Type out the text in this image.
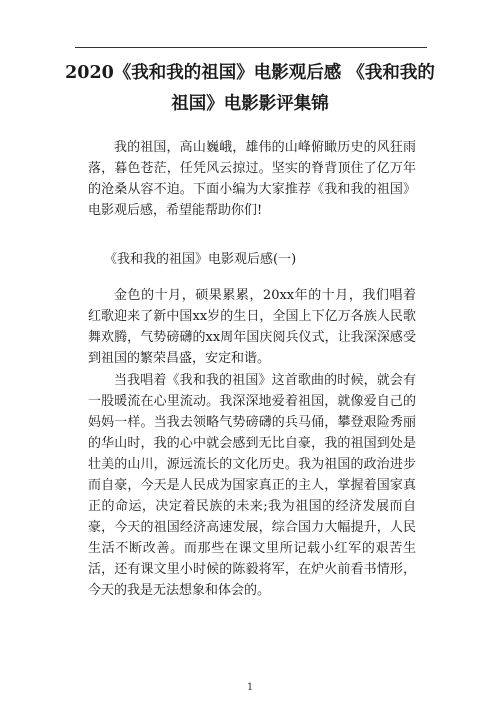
2020《我和我的祖国》电影观后感 《我和我的祖国》电影影评集锦
我的祖国，高山巍峨，雄伟的山峰俯瞰历史的风狂雨落，暮色苍茫，任凭风云掠过。坚实的脊背顶住了亿万年的沧桑从容不迫。下面小编为大家推荐《我和我的祖国》电影观后感，希望能帮助你们!
《我和我的祖国》电影观后感(一)
金色的十月，硕果累累，20xx年的十月，我们唱着红歌迎来了新中国xx岁的生日，全国上下亿万各族人民歌舞欢腾，气势磅礴的xx周年国庆阅兵仪式，让我深深感受到祖国的繁荣昌盛，安定和谐。
当我唱着《我和我的祖国》这首歌曲的时候，就会有一股暖流在心里流动。我深深地爱着祖国，就像爱自己的妈妈一样。当我去领略气势磅礴的兵马俑，攀登艰险秀丽的华山时，我的心中就会感到无比自豪，我的祖国到处是壮美的山川，源远流长的文化历史。我为祖国的政治进步而自豪，今天是人民成为国家真正的主人，掌握着国家真正的命运，决定着民族的未来;我为祖国的经济发展而自豪，今天的祖国经济高速发展，综合国力大幅提升，人民生活不断改善。而那些在课文里所记载小红军的艰苦生活，还有课文里小时候的陈毅将军，在炉火前看书情形，今天的我是无法想象和体会的。
1
